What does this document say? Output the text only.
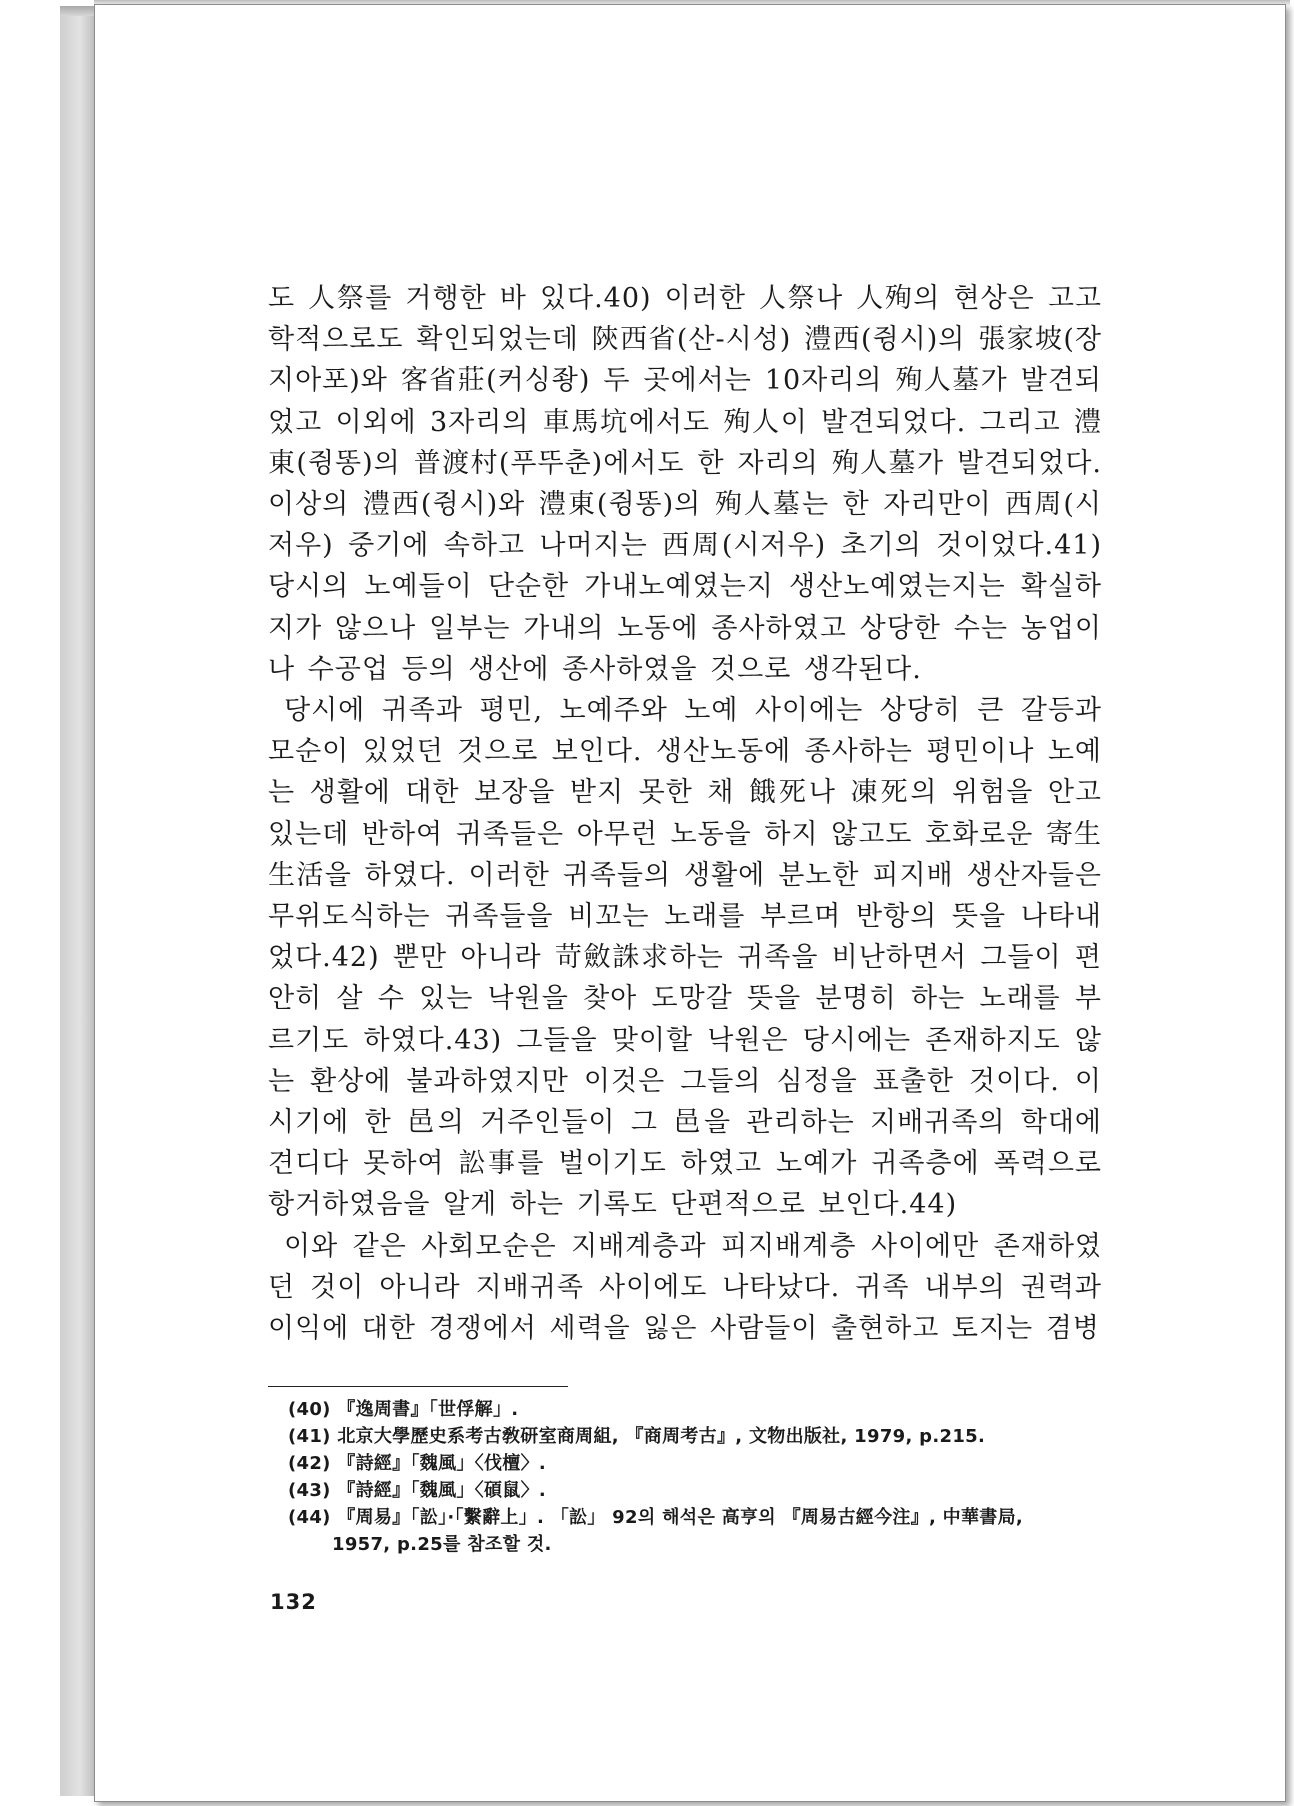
도 人祭를 거행한 바 있다.40) 이러한 人祭나 人殉의 현상은 고고학적으로도 확인되었는데 陝西省(산-시성) 澧西(쥥시)의 張家坡(장지아포)와 客省莊(커싱좡) 두 곳에서는 10자리의 殉人墓가 발견되었고 이외에 3자리의 車馬坑에서도 殉人이 발견되었다. 그리고 澧東(쥥똥)의 普渡村(푸뚜춘)에서도 한 자리의 殉人墓가 발견되었다. 이상의 澧西(쥥시)와 澧東(쥥똥)의 殉人墓는 한 자리만이 西周(시저우) 중기에 속하고 나머지는 西周(시저우) 초기의 것이었다.41) 당시의 노예들이 단순한 가내노예였는지 생산노예였는지는 확실하지가 않으나 일부는 가내의 노동에 종사하였고 상당한 수는 농업이나 수공업 등의 생산에 종사하였을 것으로 생각된다.

당시에 귀족과 평민, 노예주와 노예 사이에는 상당히 큰 갈등과 모순이 있었던 것으로 보인다. 생산노동에 종사하는 평민이나 노예는 생활에 대한 보장을 받지 못한 채 餓死나 凍死의 위험을 안고 있는데 반하여 귀족들은 아무런 노동을 하지 않고도 호화로운 寄生生活을 하였다. 이러한 귀족들의 생활에 분노한 피지배 생산자들은 무위도식하는 귀족들을 비꼬는 노래를 부르며 반항의 뜻을 나타내었다.42) 뿐만 아니라 苛斂誅求하는 귀족을 비난하면서 그들이 편안히 살 수 있는 낙원을 찾아 도망갈 뜻을 분명히 하는 노래를 부르기도 하였다.43) 그들을 맞이할 낙원은 당시에는 존재하지도 않는 환상에 불과하였지만 이것은 그들의 심정을 표출한 것이다. 이 시기에 한 邑의 거주인들이 그 邑을 관리하는 지배귀족의 학대에 견디다 못하여 訟事를 벌이기도 하였고 노예가 귀족층에 폭력으로 항거하였음을 알게 하는 기록도 단편적으로 보인다.44)

이와 같은 사회모순은 지배계층과 피지배계층 사이에만 존재하였던 것이 아니라 지배귀족 사이에도 나타났다. 귀족 내부의 권력과 이익에 대한 경쟁에서 세력을 잃은 사람들이 출현하고 토지는 겸병

(40) 『逸周書』「世俘解」.

(41) 北京大學歷史系考古敎研室商周組, 『商周考古』, 文物出版社, 1979, p.215.

(42) 『詩經』「魏風」〈伐檀〉.

(43) 『詩經』「魏風」〈碩鼠〉.

(44) 『周易』「訟」·「繫辭上」. 「訟」 92의 해석은 高亨의 『周易古經今注』, 中華書局,
1957, p.25를 참조할 것.

132
